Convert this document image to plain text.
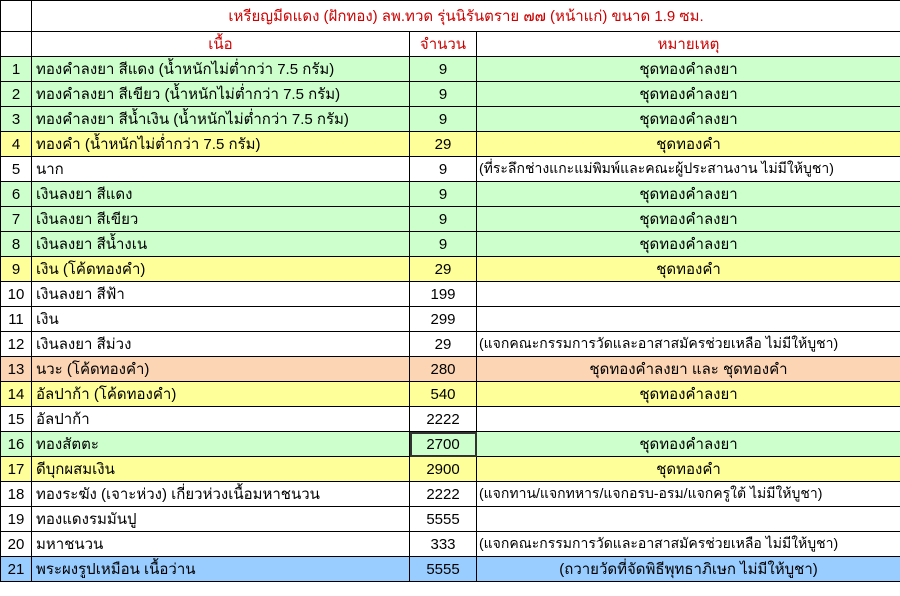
	เหรียญมีดแดง (ฝักทอง) ลพ.ทวด รุ่นนิรันตราย ๗๗ (หน้าแก่) ขนาด 1.9 ซม.		
	เนื้อ	จำนวน	หมายเหตุ
1	ทองคำลงยา สีแดง (น้ำหนักไม่ต่ำกว่า 7.5 กรัม)	9	ชุดทองคำลงยา
2	ทองคำลงยา สีเขียว (น้ำหนักไม่ต่ำกว่า 7.5 กรัม)	9	ชุดทองคำลงยา
3	ทองคำลงยา สีน้ำเงิน (น้ำหนักไม่ต่ำกว่า 7.5 กรัม)	9	ชุดทองคำลงยา
4	ทองคำ (น้ำหนักไม่ต่ำกว่า 7.5 กรัม)	29	ชุดทองคำ
5	นาก	9	(ที่ระลึกช่างแกะแม่พิมพ์และคณะผู้ประสานงาน ไม่มีให้บูชา)
6	เงินลงยา สีแดง	9	ชุดทองคำลงยา
7	เงินลงยา สีเขียว	9	ชุดทองคำลงยา
8	เงินลงยา สีน้ำงเน	9	ชุดทองคำลงยา
9	เงิน (โค้ดทองคำ)	29	ชุดทองคำ
10	เงินลงยา สีฟ้า	199	
11	เงิน	299	
12	เงินลงยา สีม่วง	29	(แจกคณะกรรมการวัดและอาสาสมัครช่วยเหลือ ไม่มีให้บูชา)
13	นวะ (โค้ดทองคำ)	280	ชุดทองคำลงยา และ ชุดทองคำ
14	อัลปาก้า (โค้ดทองคำ)	540	ชุดทองคำลงยา
15	อัลปาก้า	2222	
16	ทองสัตตะ	2700	ชุดทองคำลงยา
17	ดีบุกผสมเงิน	2900	ชุดทองคำ
18	ทองระฆัง (เจาะห่วง) เกี่ยวห่วงเนื้อมหาชนวน	2222	(แจกทาน/แจกทหาร/แจกอรบ-อรม/แจกครูใต้ ไม่มีให้บูชา)
19	ทองแดงรมมันปู	5555	
20	มหาชนวน	333	(แจกคณะกรรมการวัดและอาสาสมัครช่วยเหลือ ไม่มีให้บูชา)
21	พระผงรูปเหมือน เนื้อว่าน	5555	(ถวายวัดที่จัดพิธีพุทธาภิเษก ไม่มีให้บูชา)
